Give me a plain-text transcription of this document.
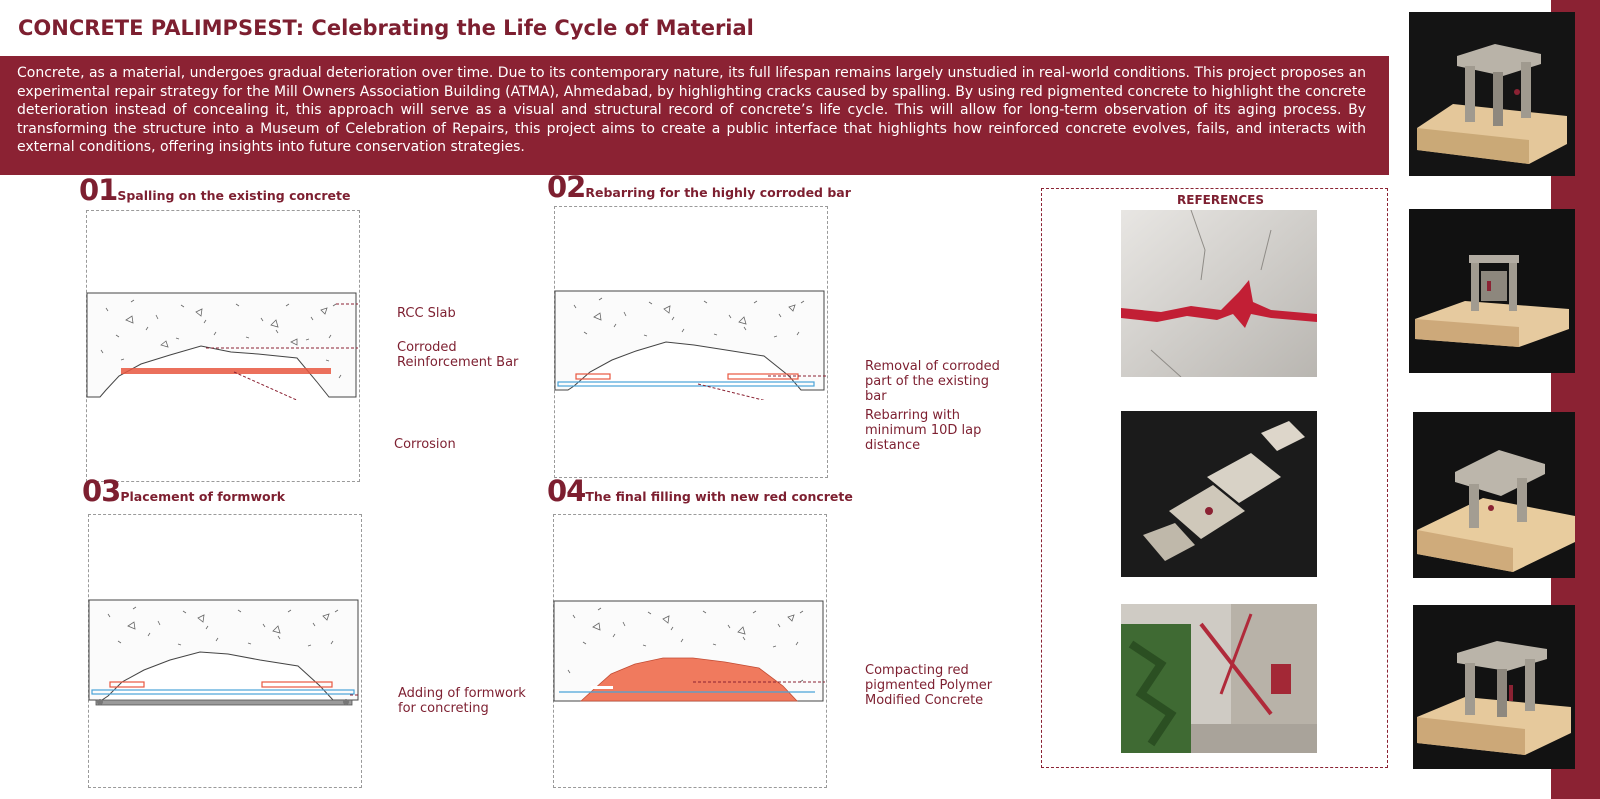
CONCRETE PALIMPSEST: Celebrating the Life Cycle of Material

Concrete, as a material, undergoes gradual deterioration over time. Due to its contemporary nature, its full lifespan remains largely unstudied in real-world conditions. This project proposes an experimental repair strategy for the Mill Owners Association Building (ATMA), Ahmedabad, by highlighting cracks caused by spalling. By using red pigmented concrete to highlight the concrete deterioration instead of concealing it, this approach will serve as a visual and structural record of concrete’s life cycle. This will allow for long-term observation of its aging process. By transforming the structure into a Museum of Celebration of Repairs, this project aims to create a public interface that highlights how reinforced concrete evolves, fails, and interacts with external conditions, offering insights into future conservation strategies.

01Spalling on the existing concrete
RCC Slab
Corroded
Reinforcement Bar
Corrosion
02Rebarring for the highly corroded bar
Removal of corroded
part of the existing
bar
Rebarring with
minimum 10D lap
distance
03Placement of formwork
Adding of formwork
for concreting
04The final filling with new red concrete
Compacting red
pigmented Polymer
Modified Concrete
REFERENCES
